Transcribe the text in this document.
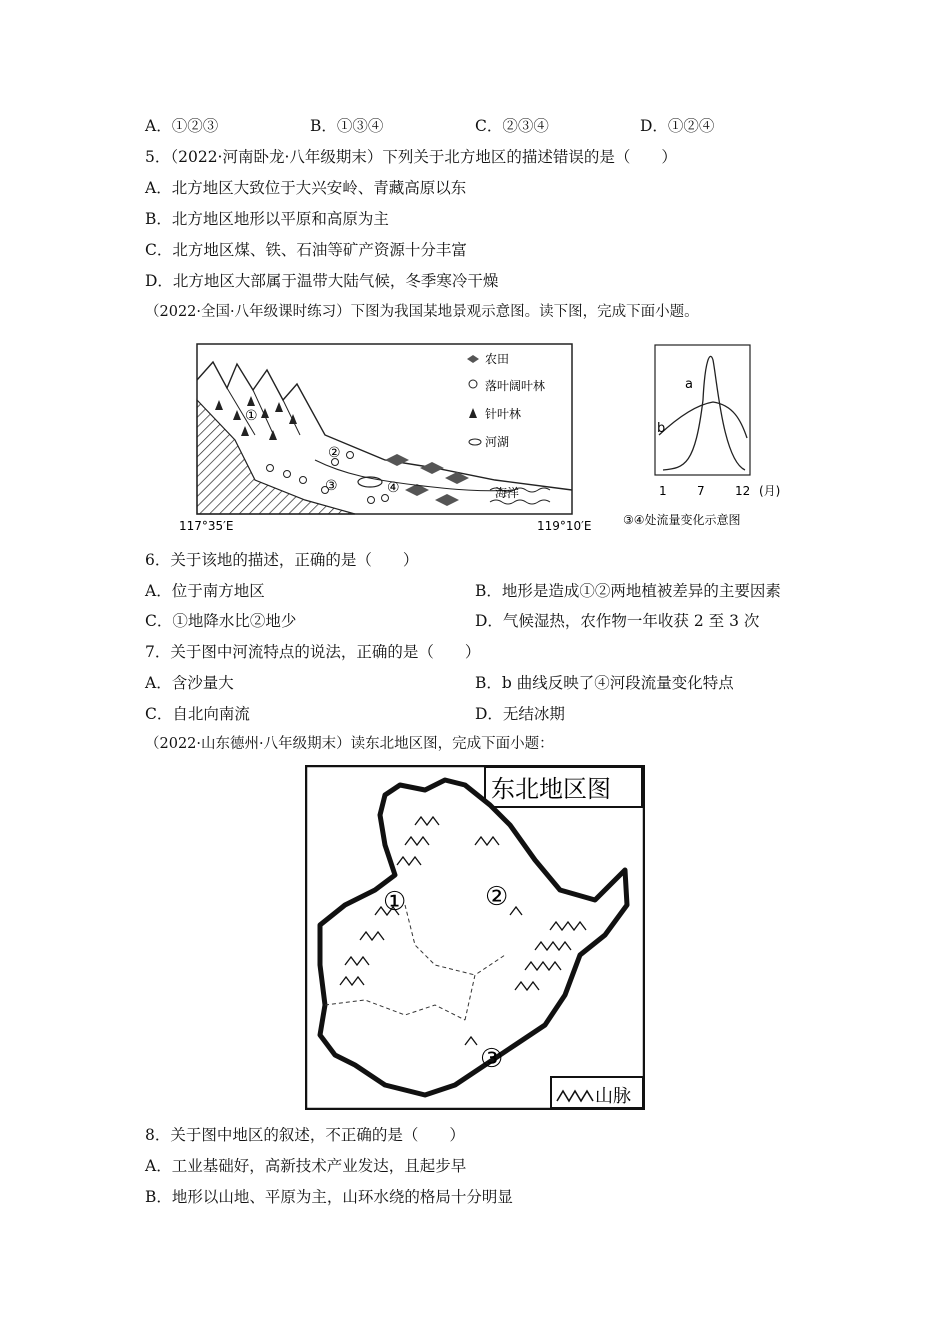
A．①②③	B．①③④	C．②③④	D．①②④
5．（2022·河南卧龙·八年级期末）下列关于北方地区的描述错误的是（　　）
A．北方地区大致位于大兴安岭、青藏高原以东
B．北方地区地形以平原和高原为主
C．北方地区煤、铁、石油等矿产资源十分丰富
D．北方地区大部属于温带大陆气候，冬季寒冷干燥
（2022·全国·八年级课时练习）下图为我国某地景观示意图。读下图，完成下面小题。
①
②
③	④	海洋
农田
落叶阔叶林
针叶林
河湖
117°35′E	119°10′E
a
b
1	7	12 (月)
③④处流量变化示意图
6．关于该地的描述，正确的是（　　）
A．位于南方地区	B．地形是造成①②两地植被差异的主要因素
C．①地降水比②地少	D．气候湿热，农作物一年收获 2 至 3 次
7．关于图中河流特点的说法，正确的是（　　）
A．含沙量大	B．b 曲线反映了④河段流量变化特点
C．自北向南流	D．无结冰期
（2022·山东德州·八年级期末）读东北地区图，完成下面小题：
东北地区图
①	②
③
山脉
8．关于图中地区的叙述，不正确的是（　　）
A．工业基础好，高新技术产业发达，且起步早
B．地形以山地、平原为主，山环水绕的格局十分明显
